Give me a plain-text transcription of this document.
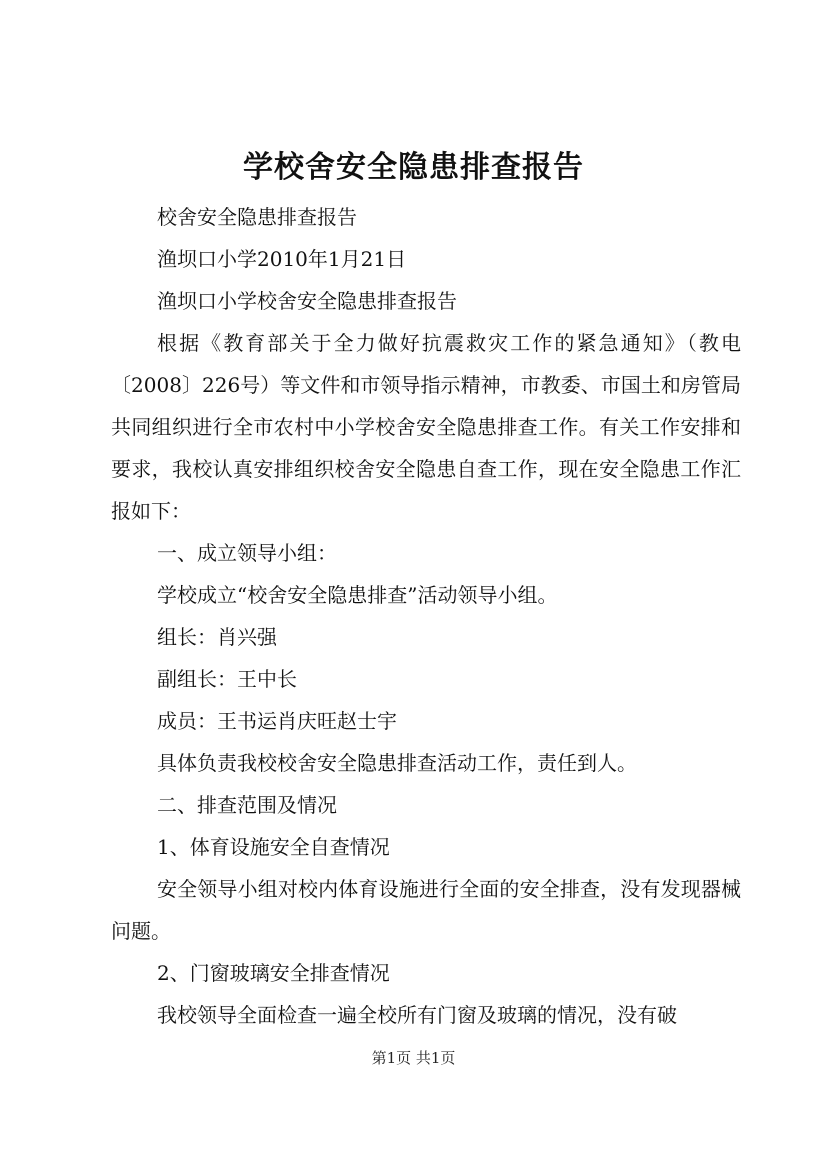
学校舍安全隐患排查报告

校舍安全隐患排查报告

渔坝口小学2010年1月21日

渔坝口小学校舍安全隐患排查报告

根据《教育部关于全力做好抗震救灾工作的紧急通知》（教电〔2008〕226号）等文件和市领导指示精神，市教委、市国土和房管局共同组织进行全市农村中小学校舍安全隐患排查工作。有关工作安排和要求，我校认真安排组织校舍安全隐患自查工作，现在安全隐患工作汇报如下：

一、成立领导小组：

学校成立“校舍安全隐患排查”活动领导小组。

组长：肖兴强

副组长：王中长

成员：王书运肖庆旺赵士宇

具体负责我校校舍安全隐患排查活动工作，责任到人。

二、排查范围及情况

1、体育设施安全自查情况

安全领导小组对校内体育设施进行全面的安全排查，没有发现器械问题。

2、门窗玻璃安全排查情况

我校领导全面检查一遍全校所有门窗及玻璃的情况，没有破

第1页 共1页
